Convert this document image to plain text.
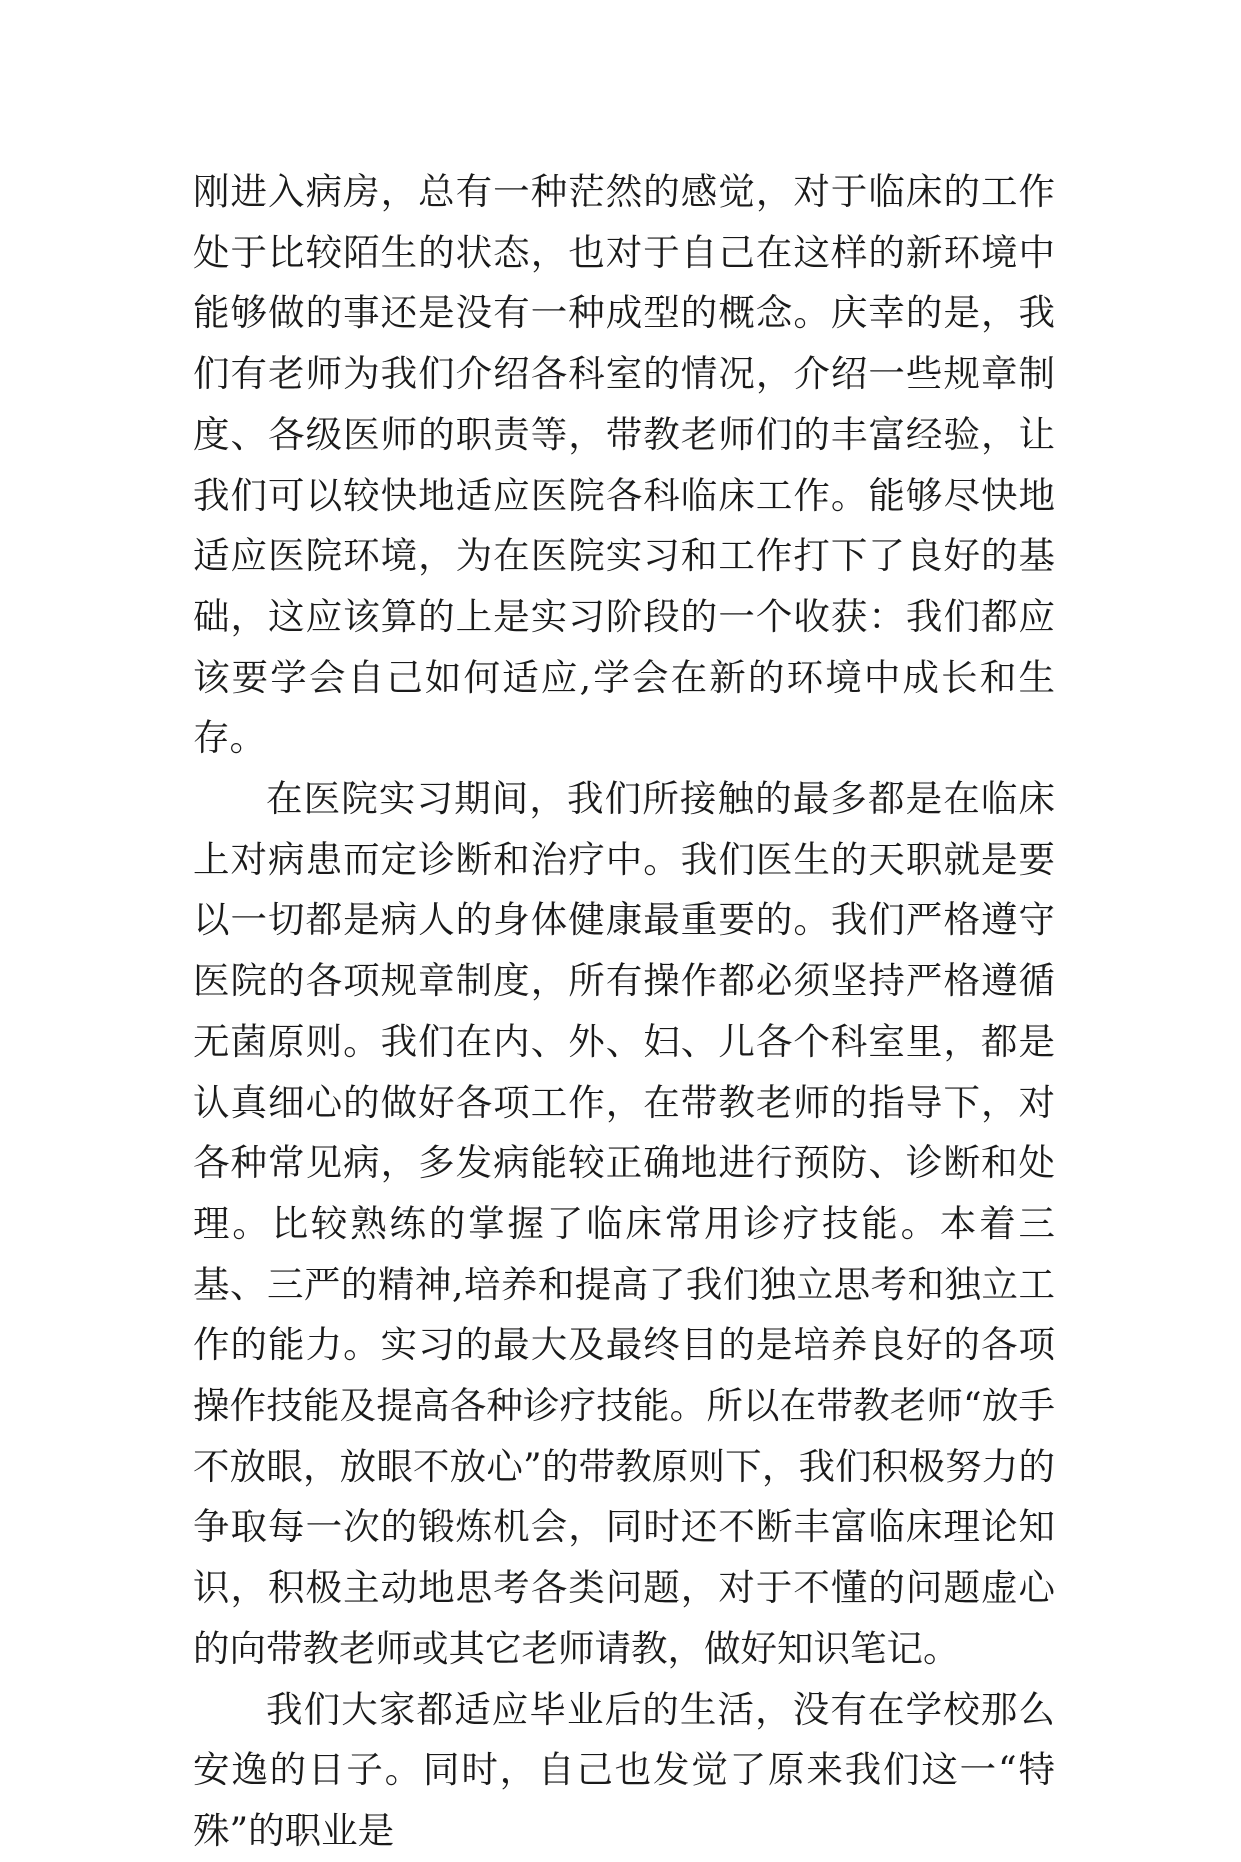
刚进入病房，总有一种茫然的感觉，对于临床的工作处于比较陌生的状态，也对于自己在这样的新环境中能够做的事还是没有一种成型的概念。庆幸的是，我们有老师为我们介绍各科室的情况，介绍一些规章制度、各级医师的职责等，带教老师们的丰富经验，让我们可以较快地适应医院各科临床工作。能够尽快地适应医院环境，为在医院实习和工作打下了良好的基础，这应该算的上是实习阶段的一个收获：我们都应该要学会自己如何适应,学会在新的环境中成长和生存。

在医院实习期间，我们所接触的最多都是在临床上对病患而定诊断和治疗中。我们医生的天职就是要以一切都是病人的身体健康最重要的。我们严格遵守医院的各项规章制度，所有操作都必须坚持严格遵循无菌原则。我们在内、外、妇、儿各个科室里，都是认真细心的做好各项工作，在带教老师的指导下，对各种常见病，多发病能较正确地进行预防、诊断和处理。比较熟练的掌握了临床常用诊疗技能。本着三基、三严的精神,培养和提高了我们独立思考和独立工作的能力。实习的最大及最终目的是培养良好的各项操作技能及提高各种诊疗技能。所以在带教老师“放手不放眼，放眼不放心”的带教原则下，我们积极努力的争取每一次的锻炼机会，同时还不断丰富临床理论知识，积极主动地思考各类问题，对于不懂的问题虚心的向带教老师或其它老师请教，做好知识笔记。

我们大家都适应毕业后的生活，没有在学校那么安逸的日子。同时，自己也发觉了原来我们这一“特殊”的职业是
